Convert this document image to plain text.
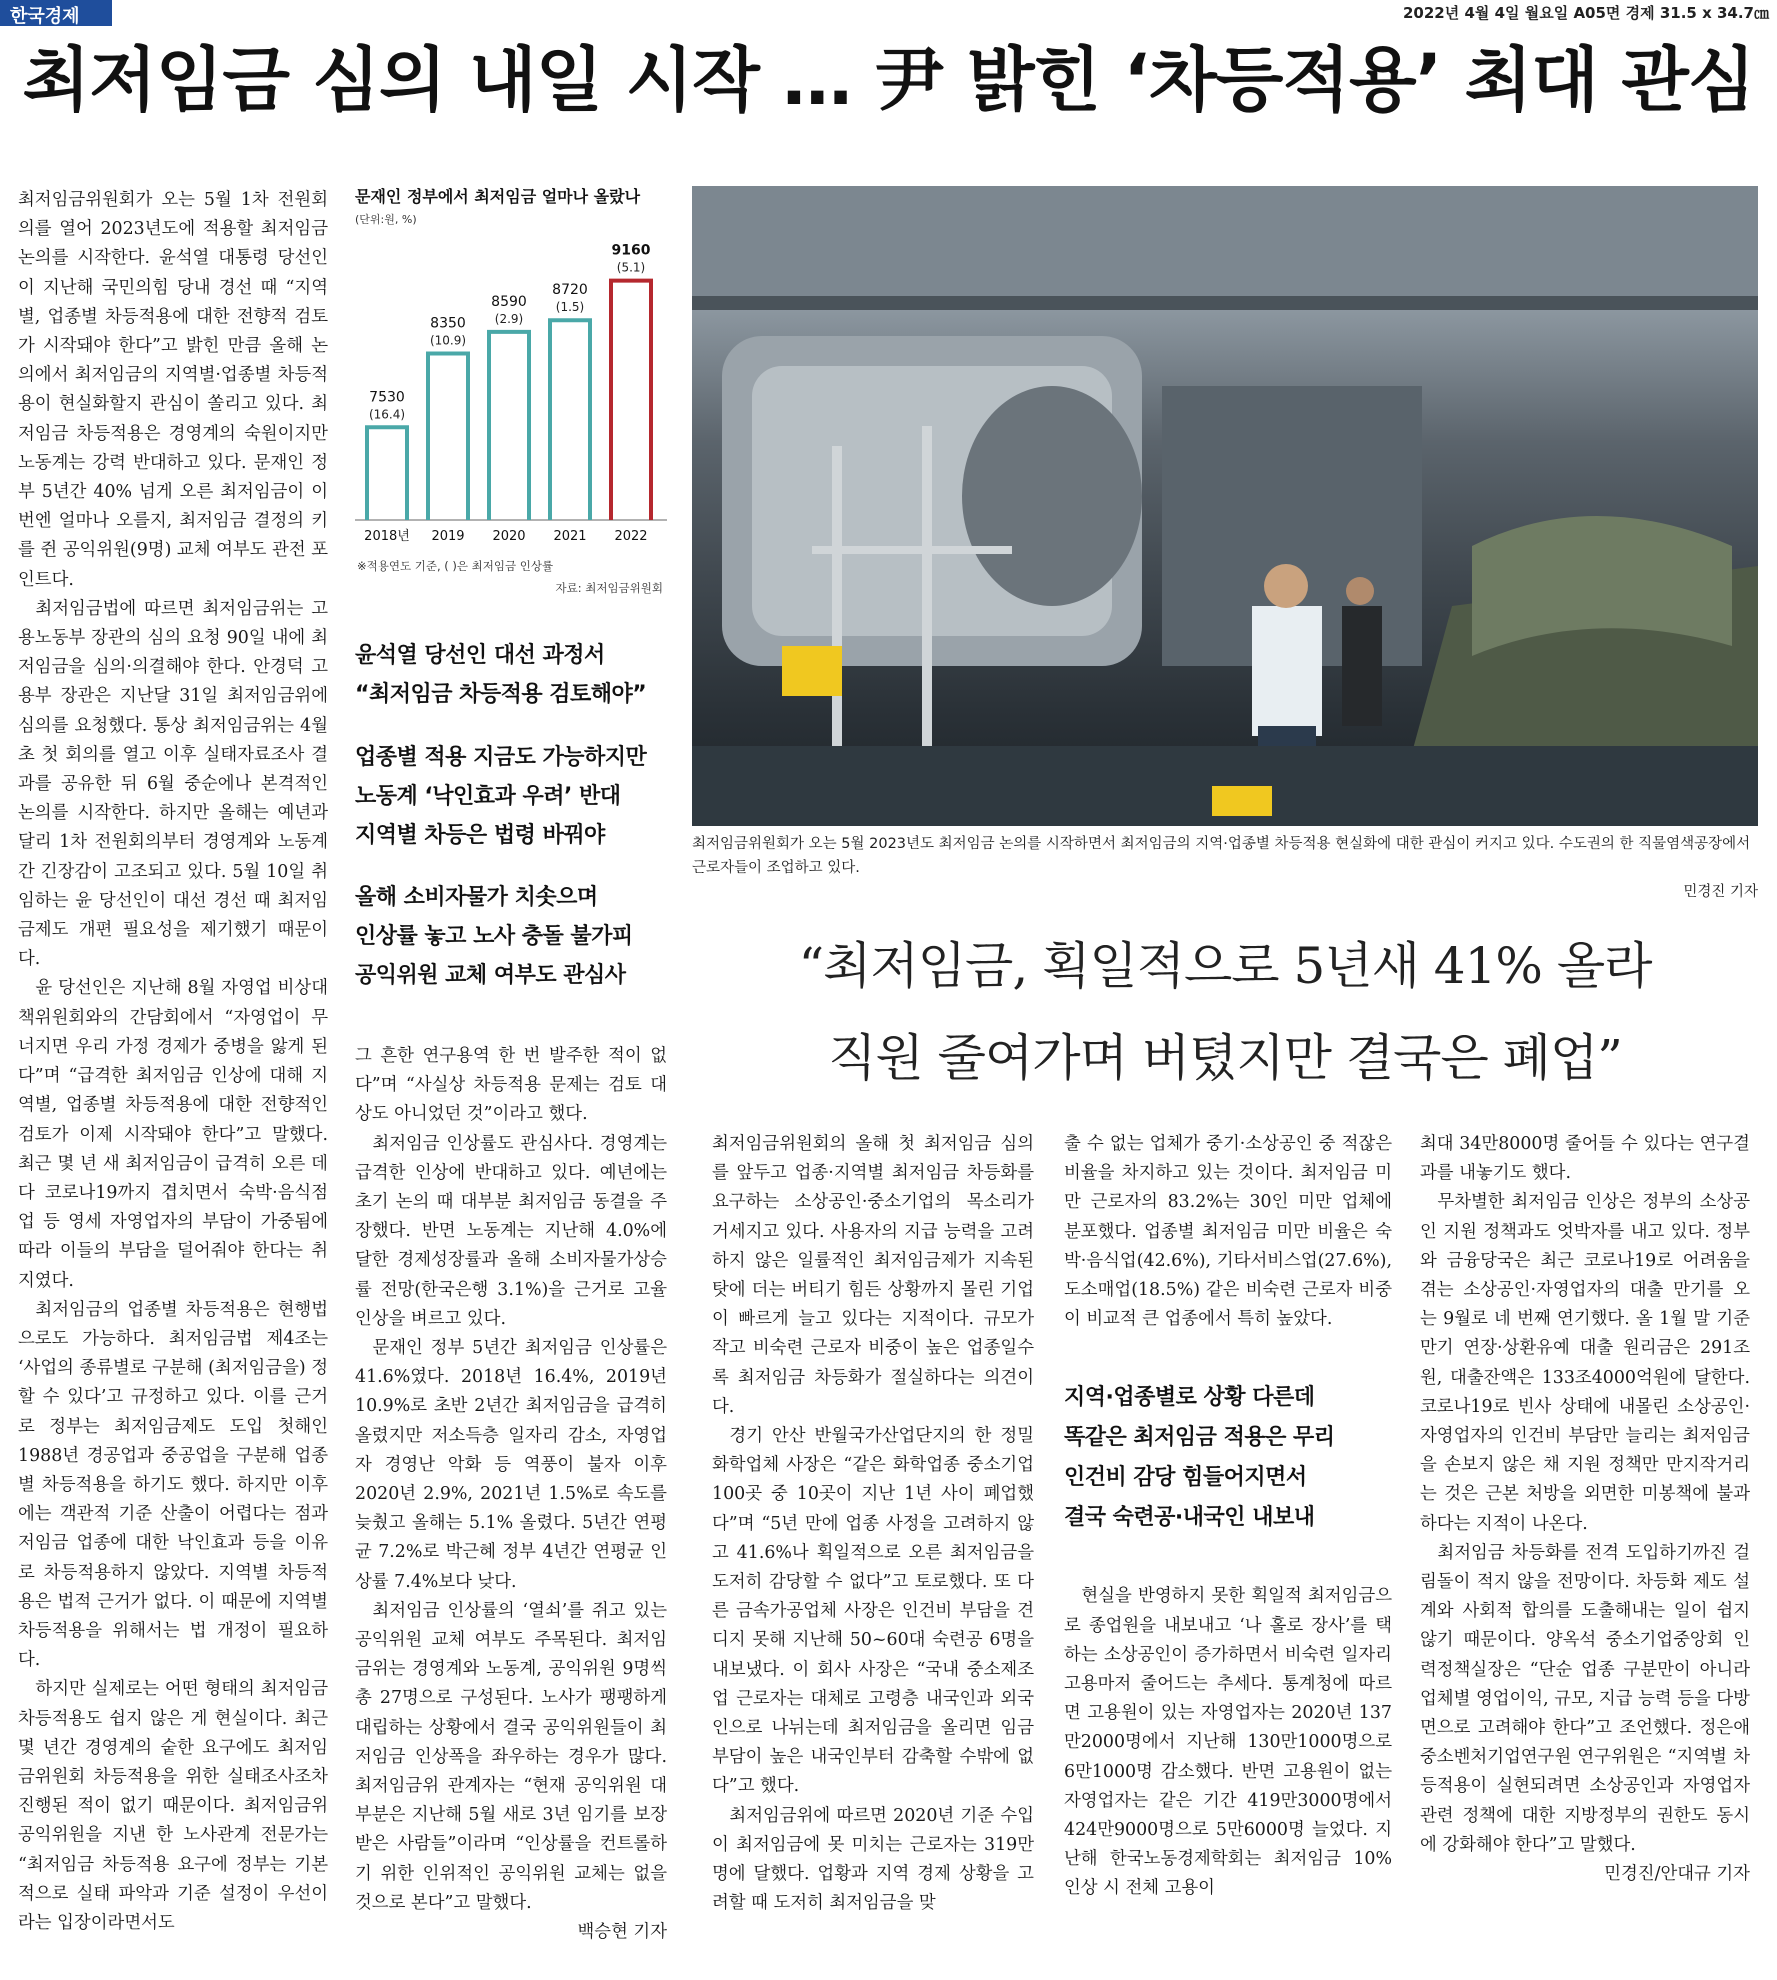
한국경제	2022년 4월 4일 월요일 A05면 경제 31.5 x 34.7㎝
최저임금 심의 내일 시작 … 尹 밝힌 ‘차등적용’ 최대 관심

최저임금위원회가 오는 5월 1차 전원회의를 열어 2023년도에 적용할 최저임금 논의를 시작한다. 윤석열 대통령 당선인이 지난해 국민의힘 당내 경선 때 “지역별, 업종별 차등적용에 대한 전향적 검토가 시작돼야 한다”고 밝힌 만큼 올해 논의에서 최저임금의 지역별·업종별 차등적용이 현실화할지 관심이 쏠리고 있다. 최저임금 차등적용은 경영계의 숙원이지만 노동계는 강력 반대하고 있다. 문재인 정부 5년간 40% 넘게 오른 최저임금이 이번엔 얼마나 오를지, 최저임금 결정의 키를 쥔 공익위원(9명) 교체 여부도 관전 포인트다.

최저임금법에 따르면 최저임금위는 고용노동부 장관의 심의 요청 90일 내에 최저임금을 심의·의결해야 한다. 안경덕 고용부 장관은 지난달 31일 최저임금위에 심의를 요청했다. 통상 최저임금위는 4월 초 첫 회의를 열고 이후 실태자료조사 결과를 공유한 뒤 6월 중순에나 본격적인 논의를 시작한다. 하지만 올해는 예년과 달리 1차 전원회의부터 경영계와 노동계 간 긴장감이 고조되고 있다. 5월 10일 취임하는 윤 당선인이 대선 경선 때 최저임금제도 개편 필요성을 제기했기 때문이다.

윤 당선인은 지난해 8월 자영업 비상대책위원회와의 간담회에서 “자영업이 무너지면 우리 가정 경제가 중병을 앓게 된다”며 “급격한 최저임금 인상에 대해 지역별, 업종별 차등적용에 대한 전향적인 검토가 이제 시작돼야 한다”고 말했다. 최근 몇 년 새 최저임금이 급격히 오른 데다 코로나19까지 겹치면서 숙박·음식점업 등 영세 자영업자의 부담이 가중됨에 따라 이들의 부담을 덜어줘야 한다는 취지였다.

최저임금의 업종별 차등적용은 현행법으로도 가능하다. 최저임금법 제4조는 ‘사업의 종류별로 구분해 (최저임금을) 정할 수 있다’고 규정하고 있다. 이를 근거로 정부는 최저임금제도 도입 첫해인 1988년 경공업과 중공업을 구분해 업종별 차등적용을 하기도 했다. 하지만 이후에는 객관적 기준 산출이 어렵다는 점과 저임금 업종에 대한 낙인효과 등을 이유로 차등적용하지 않았다. 지역별 차등적용은 법적 근거가 없다. 이 때문에 지역별 차등적용을 위해서는 법 개정이 필요하다.

하지만 실제로는 어떤 형태의 최저임금 차등적용도 쉽지 않은 게 현실이다. 최근 몇 년간 경영계의 숱한 요구에도 최저임금위원회 차등적용을 위한 실태조사조차 진행된 적이 없기 때문이다. 최저임금위 공익위원을 지낸 한 노사관계 전문가는 “최저임금 차등적용 요구에 정부는 기본적으로 실태 파악과 기준 설정이 우선이라는 입장이라면서도

문재인 정부에서 최저임금 얼마나 올랐나
(단위:원, %)
7530
(16.4)
2018년
8350
(10.9)
2019
8590
(2.9)
2020
8720
(1.5)
2021
9160
(5.1)
2022
※적용연도 기준, ( )은 최저임금 인상률
자료: 최저임금위원회
윤석열 당선인 대선 과정서
“최저임금 차등적용 검토해야”
업종별 적용 지금도 가능하지만
노동계 ‘낙인효과 우려’ 반대
지역별 차등은 법령 바꿔야
올해 소비자물가 치솟으며
인상률 놓고 노사 충돌 불가피
공익위원 교체 여부도 관심사

그 흔한 연구용역 한 번 발주한 적이 없다”며 “사실상 차등적용 문제는 검토 대상도 아니었던 것”이라고 했다.

최저임금 인상률도 관심사다. 경영계는 급격한 인상에 반대하고 있다. 예년에는 초기 논의 때 대부분 최저임금 동결을 주장했다. 반면 노동계는 지난해 4.0%에 달한 경제성장률과 올해 소비자물가상승률 전망(한국은행 3.1%)을 근거로 고율 인상을 벼르고 있다.

문재인 정부 5년간 최저임금 인상률은 41.6%였다. 2018년 16.4%, 2019년 10.9%로 초반 2년간 최저임금을 급격히 올렸지만 저소득층 일자리 감소, 자영업자 경영난 악화 등 역풍이 불자 이후 2020년 2.9%, 2021년 1.5%로 속도를 늦췄고 올해는 5.1% 올렸다. 5년간 연평균 7.2%로 박근혜 정부 4년간 연평균 인상률 7.4%보다 낮다.

최저임금 인상률의 ‘열쇠’를 쥐고 있는 공익위원 교체 여부도 주목된다. 최저임금위는 경영계와 노동계, 공익위원 9명씩 총 27명으로 구성된다. 노사가 팽팽하게 대립하는 상황에서 결국 공익위원들이 최저임금 인상폭을 좌우하는 경우가 많다. 최저임금위 관계자는 “현재 공익위원 대부분은 지난해 5월 새로 3년 임기를 보장받은 사람들”이라며 “인상률을 컨트롤하기 위한 인위적인 공익위원 교체는 없을 것으로 본다”고 말했다.

백승현 기자
최저임금위원회가 오는 5월 2023년도 최저임금 논의를 시작하면서 최저임금의 지역·업종별 차등적용 현실화에 대한 관심이 커지고 있다. 수도권의 한 직물염색공장에서 근로자들이 조업하고 있다.
민경진 기자
“최저임금, 획일적으로 5년새 41% 올라
직원 줄여가며 버텼지만 결국은 폐업”

최저임금위원회의 올해 첫 최저임금 심의를 앞두고 업종·지역별 최저임금 차등화를 요구하는 소상공인·중소기업의 목소리가 거세지고 있다. 사용자의 지급 능력을 고려하지 않은 일률적인 최저임금제가 지속된 탓에 더는 버티기 힘든 상황까지 몰린 기업이 빠르게 늘고 있다는 지적이다. 규모가 작고 비숙련 근로자 비중이 높은 업종일수록 최저임금 차등화가 절실하다는 의견이다.

경기 안산 반월국가산업단지의 한 정밀화학업체 사장은 “같은 화학업종 중소기업 100곳 중 10곳이 지난 1년 사이 폐업했다”며 “5년 만에 업종 사정을 고려하지 않고 41.6%나 획일적으로 오른 최저임금을 도저히 감당할 수 없다”고 토로했다. 또 다른 금속가공업체 사장은 인건비 부담을 견디지 못해 지난해 50~60대 숙련공 6명을 내보냈다. 이 회사 사장은 “국내 중소제조업 근로자는 대체로 고령층 내국인과 외국인으로 나뉘는데 최저임금을 올리면 임금 부담이 높은 내국인부터 감축할 수밖에 없다”고 했다.

최저임금위에 따르면 2020년 기준 수입이 최저임금에 못 미치는 근로자는 319만 명에 달했다. 업황과 지역 경제 상황을 고려할 때 도저히 최저임금을 맞

출 수 없는 업체가 중기·소상공인 중 적잖은 비율을 차지하고 있는 것이다. 최저임금 미만 근로자의 83.2%는 30인 미만 업체에 분포했다. 업종별 최저임금 미만 비율은 숙박·음식업(42.6%), 기타서비스업(27.6%), 도소매업(18.5%) 같은 비숙련 근로자 비중이 비교적 큰 업종에서 특히 높았다.

지역·업종별로 상황 다른데
똑같은 최저임금 적용은 무리
인건비 감당 힘들어지면서
결국 숙련공·내국인 내보내

현실을 반영하지 못한 획일적 최저임금으로 종업원을 내보내고 ‘나 홀로 장사’를 택하는 소상공인이 증가하면서 비숙련 일자리 고용마저 줄어드는 추세다. 통계청에 따르면 고용원이 있는 자영업자는 2020년 137만2000명에서 지난해 130만1000명으로 6만1000명 감소했다. 반면 고용원이 없는 자영업자는 같은 기간 419만3000명에서 424만9000명으로 5만6000명 늘었다. 지난해 한국노동경제학회는 최저임금 10% 인상 시 전체 고용이

최대 34만8000명 줄어들 수 있다는 연구결과를 내놓기도 했다.

무차별한 최저임금 인상은 정부의 소상공인 지원 정책과도 엇박자를 내고 있다. 정부와 금융당국은 최근 코로나19로 어려움을 겪는 소상공인·자영업자의 대출 만기를 오는 9월로 네 번째 연기했다. 올 1월 말 기준 만기 연장·상환유예 대출 원리금은 291조원, 대출잔액은 133조4000억원에 달한다. 코로나19로 빈사 상태에 내몰린 소상공인·자영업자의 인건비 부담만 늘리는 최저임금을 손보지 않은 채 지원 정책만 만지작거리는 것은 근본 처방을 외면한 미봉책에 불과하다는 지적이 나온다.

최저임금 차등화를 전격 도입하기까진 걸림돌이 적지 않을 전망이다. 차등화 제도 설계와 사회적 합의를 도출해내는 일이 쉽지 않기 때문이다. 양옥석 중소기업중앙회 인력정책실장은 “단순 업종 구분만이 아니라 업체별 영업이익, 규모, 지급 능력 등을 다방면으로 고려해야 한다”고 조언했다. 정은애 중소벤처기업연구원 연구위원은 “지역별 차등적용이 실현되려면 소상공인과 자영업자 관련 정책에 대한 지방정부의 권한도 동시에 강화해야 한다”고 말했다.

민경진/안대규 기자
